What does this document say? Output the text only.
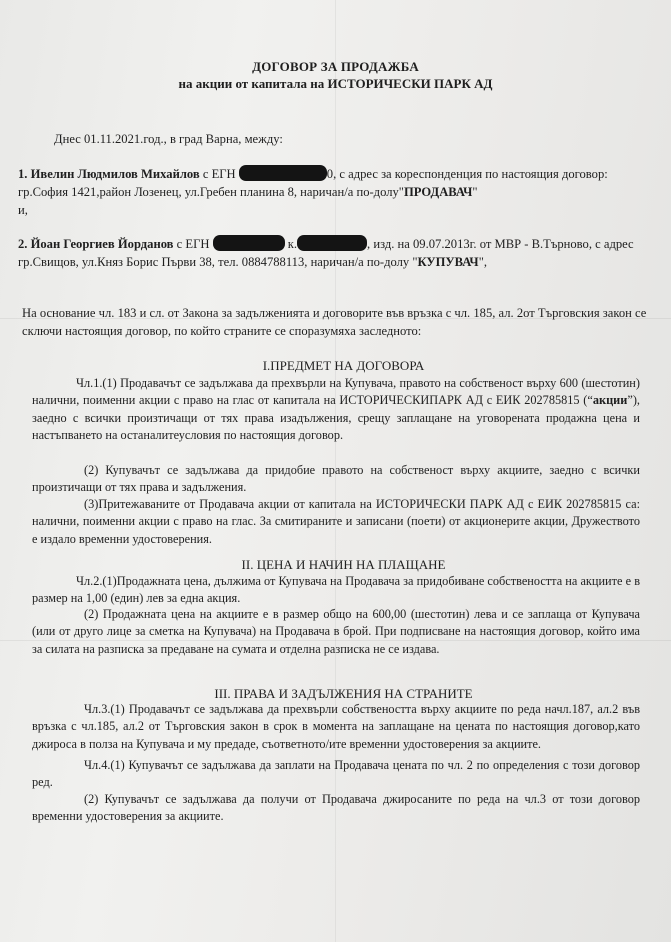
ДОГОВОР ЗА ПРОДАЖБА
на акции от капитала на ИСТОРИЧЕСКИ ПАРК АД

Днес 01.11.2021.год., в град Варна, между:

1. Ивелин Людмилов Михайлов с ЕГН	0, с адрес за кореспонденция по настоящия договор: гр.София 1421,район Лозенец, ул.Гребен планина 8, наричан/а по-долу"ПРОДАВАЧ"
и,

2. Йоан Георгиев Йорданов с ЕГН	к.	, изд. на 09.07.2013г. от МВР - В.Търново, с адрес гр.Свищов, ул.Княз Борис Първи 38, тел. 0884788113, наричан/а по-долу "КУПУВАЧ",

На основание чл. 183 и сл. от Закона за задълженията и договорите във връзка с чл. 185, ал. 2от Търговския закон се сключи настоящия договор, по който страните се споразумяха заследното:

I.ПРЕДМЕТ НА ДОГОВОРА

Чл.1.(1) Продавачът се задължава да прехвърли на Купувача, правото на собственост върху 600 (шестотин) налични, поименни акции с право на глас от капитала на ИСТОРИЧЕСКИПАРК АД с ЕИК 202785815 (“акции”), заедно с всички произтичащи от тях права изадължения, срещу заплащане на уговорената продажна цена и настъпването на останалитеусловия по настоящия договор.

(2) Купувачът се задължава да придобие правото на собственост върху акциите, заедно с всички произтичащи от тях права и задължения.

(3)Притежаваните от Продавача акции от капитала на ИСТОРИЧЕСКИ ПАРК АД с ЕИК 202785815 са: налични, поименни акции с право на глас. За смитираните и записани (поети) от акционерите акции, Дружеството е издало временни удостоверения.

II. ЦЕНА И НАЧИН НА ПЛАЩАНЕ

Чл.2.(1)Продажната цена, дължима от Купувача на Продавача за придобиване собствеността на акциите е в размер на 1,00 (един) лев за една акция.

(2) Продажната цена на акциите е в размер общо на 600,00 (шестотин) лева и се заплаща от Купувача (или от друго лице за сметка на Купувача) на Продавача в брой. При подписване на настоящия договор, който има за силата на разписка за предаване на сумата и отделна разписка не се издава.

III. ПРАВА И ЗАДЪЛЖЕНИЯ НА СТРАНИТЕ

Чл.3.(1) Продавачът се задължава да прехвърли собствеността върху акциите по реда начл.187, ал.2 във връзка с чл.185, ал.2 от Търговския закон в срок в момента на заплащане на цената по настоящия договор,като джироса в полза на Купувача и му предаде, съответното/ите временни удостоверения за акциите.

Чл.4.(1) Купувачът се задължава да заплати на Продавача цената по чл. 2 по определения с този договор ред.

(2) Купувачът се задължава да получи от Продавача джиросаните по реда на чл.3 от този договор временни удостоверения за акциите.
